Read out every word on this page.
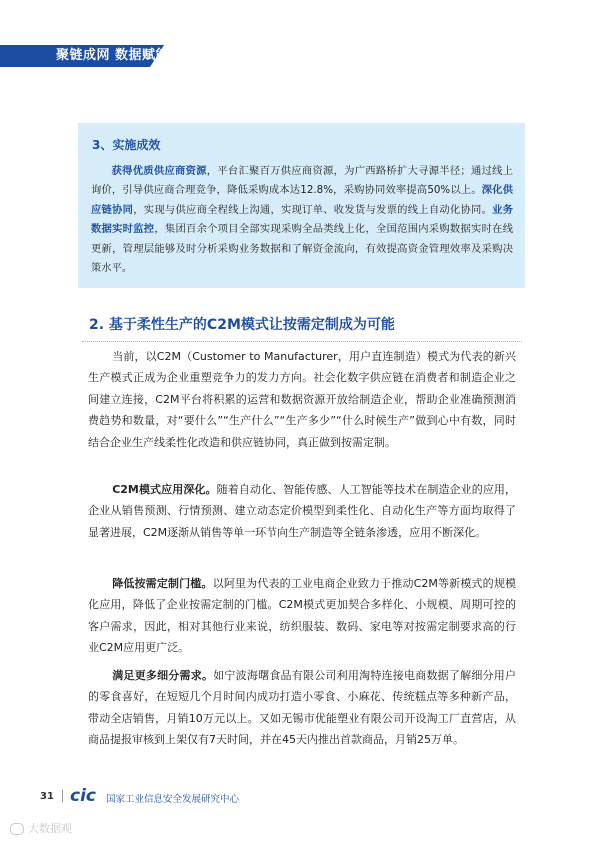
聚链成网 数据赋能
3、实施成效
获得优质供应商资源，平台汇聚百万供应商资源，为广西路桥扩大寻源半径；通过线上询价，引导供应商合理竞争，降低采购成本达12.8%，采购协同效率提高50%以上。深化供应链协同，实现与供应商全程线上沟通，实现订单、收发货与发票的线上自动化协同。业务数据实时监控，集团百余个项目全部实现采购全品类线上化，全国范围内采购数据实时在线更新，管理层能够及时分析采购业务数据和了解资金流向，有效提高资金管理效率及采购决策水平。
2. 基于柔性生产的C2M模式让按需定制成为可能
当前，以C2M（Customer to Manufacturer，用户直连制造）模式为代表的新兴生产模式正成为企业重塑竞争力的发力方向。社会化数字供应链在消费者和制造企业之间建立连接，C2M平台将积累的运营和数据资源开放给制造企业，帮助企业准确预测消费趋势和数量，对“要什么”“生产什么”“生产多少”“什么时候生产”做到心中有数，同时结合企业生产线柔性化改造和供应链协同，真正做到按需定制。
C2M模式应用深化。随着自动化、智能传感、人工智能等技术在制造企业的应用，企业从销售预测、行情预测、建立动态定价模型到柔性化、自动化生产等方面均取得了显著进展，C2M逐渐从销售等单一环节向生产制造等全链条渗透，应用不断深化。
降低按需定制门槛。以阿里为代表的工业电商企业致力于推动C2M等新模式的规模化应用，降低了企业按需定制的门槛。C2M模式更加契合多样化、小规模、周期可控的客户需求，因此，相对其他行业来说，纺织服装、数码、家电等对按需定制要求高的行业C2M应用更广泛。
满足更多细分需求。如宁波海曙食品有限公司利用淘特连接电商数据了解细分用户的零食喜好，在短短几个月时间内成功打造小零食、小麻花、传统糕点等多种新产品，带动全店销售，月销10万元以上。又如无锡市优能塑业有限公司开设淘工厂直营店，从商品提报审核到上架仅有7天时间，并在45天内推出首款商品，月销25万单。
31 cic 国家工业信息安全发展研究中心
大数据观
